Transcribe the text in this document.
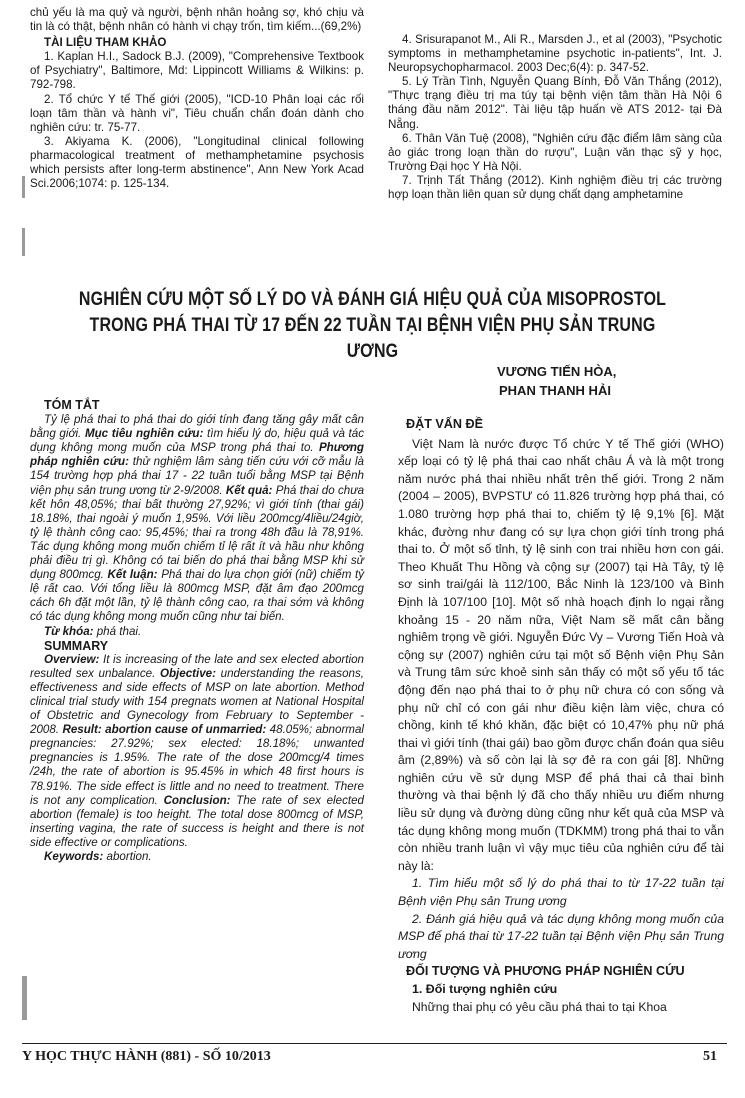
chủ yếu là ma quỷ và người, bệnh nhân hoảng sợ, khó chịu và tin là có thật, bệnh nhân có hành vi chạy trốn, tìm kiếm...(69,2%)

TÀI LIỆU THAM KHẢO

1. Kaplan H.I., Sadock B.J. (2009), "Comprehensive Textbook of Psychiatry", Baltimore, Md: Lippincott Williams & Wilkins: p. 792-798.

2. Tổ chức Y tế Thế giới (2005), "ICD-10 Phân loại các rối loạn tâm thần và hành vi", Tiêu chuẩn chẩn đoán dành cho nghiên cứu: tr. 75-77.

3. Akiyama K. (2006), "Longitudinal clinical following pharmacological treatment of methamphetamine psychosis which persists after long-term abstinence", Ann New York Acad Sci.2006;1074: p. 125-134.

4. Srisurapanot M., Ali R., Marsden J., et al (2003), "Psychotic symptoms in methamphetamine psychotic in-patients", Int. J. Neuropsychopharmacol. 2003 Dec;6(4): p. 347-52.

5. Lý Trần Tình, Nguyễn Quang Bính, Đỗ Văn Thắng (2012), "Thực trạng điều trị ma túy tại bệnh viện tâm thần Hà Nội 6 tháng đầu năm 2012". Tài liệu tập huấn về ATS 2012- tại Đà Nẵng.

6. Thân Văn Tuệ (2008), "Nghiên cứu đặc điểm lâm sàng của ảo giác trong loạn thần do rượu", Luận văn thạc sỹ y học, Trường Đại học Y Hà Nội.

7. Trịnh Tất Thắng (2012). Kinh nghiệm điều trị các trường hợp loạn thần liên quan sử dụng chất dạng amphetamine

NGHIÊN CỨU MỘT SỐ LÝ DO VÀ ĐÁNH GIÁ HIỆU QUẢ CỦA MISOPROSTOL
TRONG PHÁ THAI TỪ 17 ĐẾN 22 TUẦN TẠI BỆNH VIỆN PHỤ SẢN TRUNG ƯƠNG
VƯƠNG TIẾN HÒA,
PHAN THANH HẢI

TÓM TẮT

Tỷ lệ phá thai to phá thai do giới tính đang tăng gây mất cân bằng giới. Mục tiêu nghiên cứu: tìm hiểu lý do, hiệu quả và tác dụng không mong muốn của MSP trong phá thai to. Phương pháp nghiên cứu: thử nghiệm lâm sàng tiến cứu với cỡ mẫu là 154 trường hợp phá thai 17 - 22 tuần tuổi bằng MSP tại Bệnh viện phụ sản trung ương từ 2-9/2008. Kết quả: Phá thai do chưa kết hôn 48,05%; thai bất thường 27,92%; vì giới tính (thai gái) 18.18%, thai ngoài ý muốn 1,95%. Với liều 200mcg/4liều/24giờ, tỷ lệ thành công cao: 95,45%; thai ra trong 48h đầu là 78,91%. Tác dụng không mong muốn chiếm tỉ lệ rất ít và hầu như không phải điều trị gì. Không có tai biến do phá thai bằng MSP khi sử dụng 800mcg. Kết luận: Phá thai do lựa chọn giới (nữ) chiếm tỷ lệ rất cao. Với tổng liều là 800mcg MSP, đặt âm đạo 200mcg cách 6h đặt một lần, tỷ lệ thành công cao, ra thai sớm và không có tác dụng không mong muốn cũng như tai biến.

Từ khóa: phá thai.

SUMMARY

Overview: It is increasing of the late and sex elected abortion resulted sex unbalance. Objective: understanding the reasons, effectiveness and side effects of MSP on late abortion. Method clinical trial study with 154 pregnats women at National Hospital of Obstetric and Gynecology from February to September - 2008. Result: abortion cause of unmarried: 48.05%; abnormal pregnancies: 27.92%; sex elected: 18.18%; unwanted pregnancies is 1.95%. The rate of the dose 200mcg/4 times /24h, the rate of abortion is 95.45% in which 48 first hours is 78.91%. The side effect is little and no need to treatment. There is not any complication. Conclusion: The rate of sex elected abortion (female) is too height. The total dose 800mcg of MSP, inserting vagina, the rate of success is height and there is not side effective or complications.

Keywords: abortion.

ĐẶT VẤN ĐỀ

Việt Nam là nước được Tổ chức Y tế Thế giới (WHO) xếp loại có tỷ lệ phá thai cao nhất châu Á và là một trong năm nước phá thai nhiều nhất trên thế giới. Trong 2 năm (2004 – 2005), BVPSTƯ có 11.826 trường hợp phá thai, có 1.080 trường hợp phá thai to, chiếm tỷ lệ 9,1% [6]. Mặt khác, đường như đang có sự lựa chọn giới tính trong phá thai to. Ở một số tỉnh, tỷ lệ sinh con trai nhiều hơn con gái. Theo Khuất Thu Hồng và cộng sự (2007) tại Hà Tây, tỷ lệ sơ sinh trai/gái là 112/100, Bắc Ninh là 123/100 và Bình Định là 107/100 [10]. Một số nhà hoạch định lo ngại rằng khoảng 15 - 20 năm nữa, Việt Nam sẽ mất cân bằng nghiêm trọng về giới. Nguyễn Đức Vy – Vương Tiến Hoà và cộng sự (2007) nghiên cứu tại một số Bệnh viện Phụ Sản và Trung tâm sức khoẻ sinh sản thấy có một số yếu tố tác động đến nạo phá thai to ở phụ nữ chưa có con sống và phụ nữ chỉ có con gái như điều kiện làm việc, chưa có chồng, kinh tế khó khăn, đặc biệt có 10,47% phụ nữ phá thai vì giới tính (thai gái) bao gồm được chẩn đoán qua siêu âm (2,89%) và số còn lại là sợ đẻ ra con gái [8]. Những nghiên cứu về sử dụng MSP để phá thai cả thai bình thường và thai bệnh lý đã cho thấy nhiều ưu điểm nhưng liều sử dụng và đường dùng cũng như kết quả của MSP và tác dụng không mong muốn (TDKMM) trong phá thai to vẫn còn nhiều tranh luận vì vậy mục tiêu của nghiên cứu để tài này là:

1. Tìm hiểu một số lý do phá thai to từ 17-22 tuần tại Bệnh viện Phụ sản Trung ương

2. Đánh giá hiệu quả và tác dụng không mong muốn của MSP để phá thai từ 17-22 tuần tại Bệnh viện Phụ sản Trung ương

ĐỐI TƯỢNG VÀ PHƯƠNG PHÁP NGHIÊN CỨU

1. Đối tượng nghiên cứu

Những thai phụ có yêu cầu phá thai to tại Khoa

Y HỌC THỰC HÀNH (881) - SỐ 10/2013	51
